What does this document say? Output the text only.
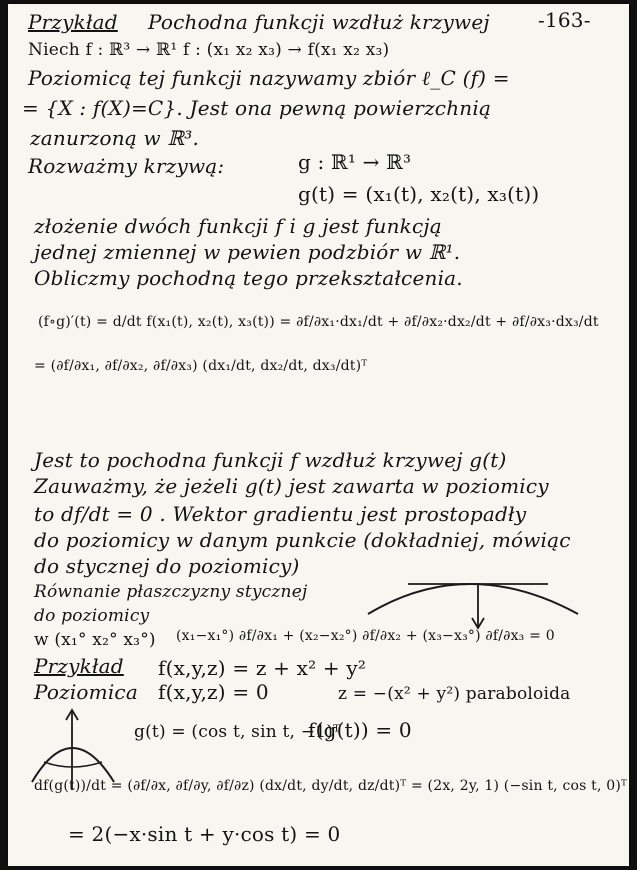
-163-
Przykład Pochodna funkcji wzdłuż krzywej
Niech f : ℝ³ → ℝ¹ f : (x₁ x₂ x₃) → f(x₁ x₂ x₃)
Poziomicą tej funkcji nazywamy zbiór ℓ_C (f) =
= {X : f(X)=C}. Jest ona pewną powierzchnią
zanurzoną w ℝ³.
Rozważmy krzywą:	g : ℝ¹ → ℝ³
g(t) = (x₁(t), x₂(t), x₃(t))
złożenie dwóch funkcji f i g jest funkcją
jednej zmiennej w pewien podzbiór w ℝ¹.
Obliczmy pochodną tego przekształcenia.
(f∘g)′(t) = d/dt f(x₁(t), x₂(t), x₃(t)) = ∂f/∂x₁·dx₁/dt + ∂f/∂x₂·dx₂/dt + ∂f/∂x₃·dx₃/dt
= (∂f/∂x₁, ∂f/∂x₂, ∂f/∂x₃) (dx₁/dt, dx₂/dt, dx₃/dt)ᵀ
Jest to pochodna funkcji f wzdłuż krzywej g(t)
Zauważmy, że jeżeli g(t) jest zawarta w poziomicy
to df/dt = 0 . Wektor gradientu jest prostopadły
do poziomicy w danym punkcie (dokładniej, mówiąc
do stycznej do poziomicy)
Równanie płaszczyzny stycznej
do poziomicy
w (x₁° x₂° x₃°) (x₁−x₁°) ∂f/∂x₁ + (x₂−x₂°) ∂f/∂x₂ + (x₃−x₃°) ∂f/∂x₃ = 0
Przykład f(x,y,z) = z + x² + y²
Poziomica f(x,y,z) = 0	z = −(x² + y²) paraboloida
g(t) = (cos t, sin t, −1)ᵀ
f(g(t)) = 0
df(g(t))/dt = (∂f/∂x, ∂f/∂y, ∂f/∂z) (dx/dt, dy/dt, dz/dt)ᵀ = (2x, 2y, 1) (−sin t, cos t, 0)ᵀ
= 2(−x·sin t + y·cos t) = 0
